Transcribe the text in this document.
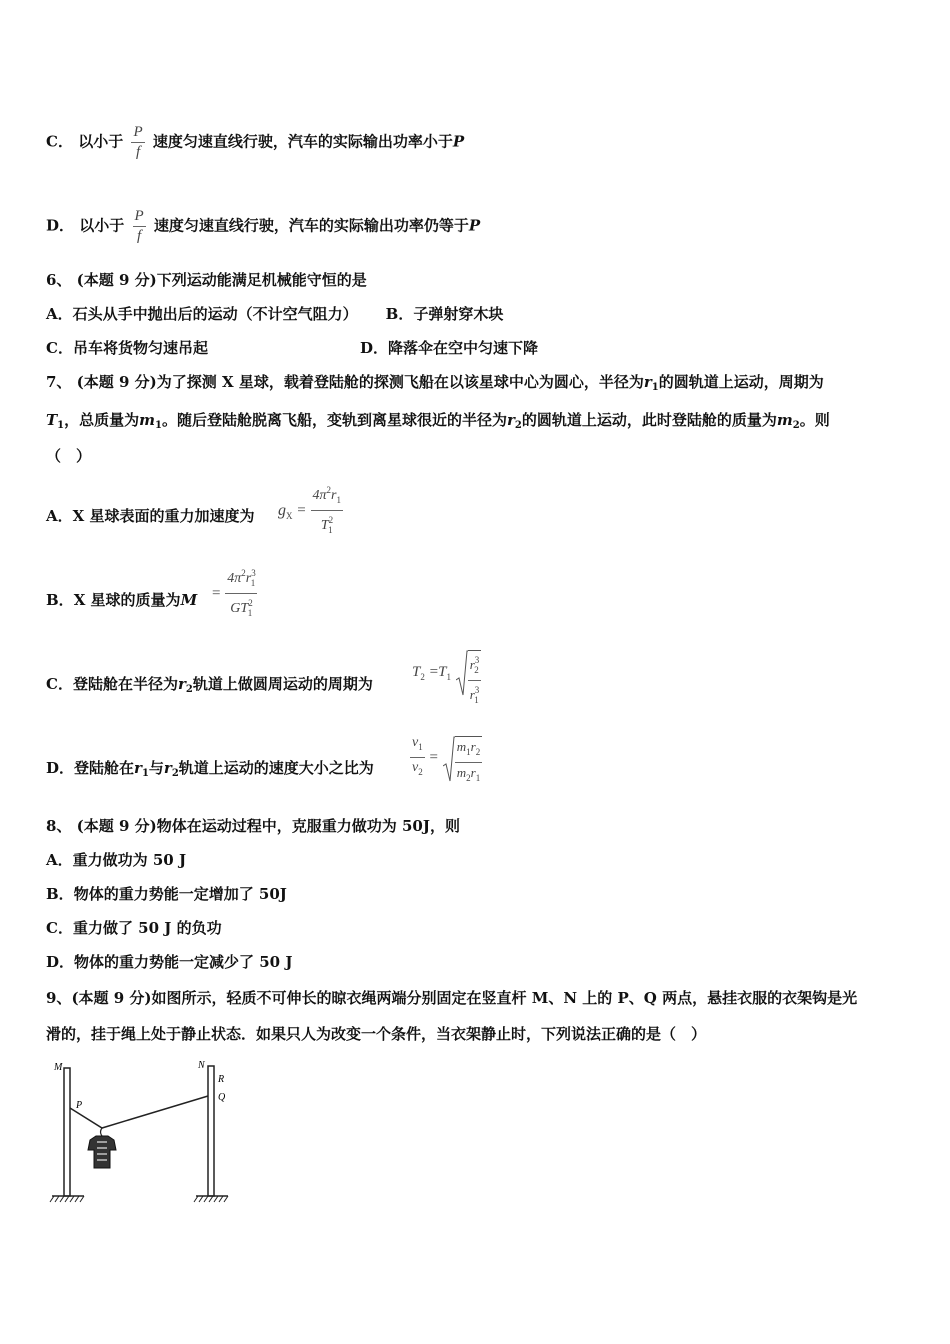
C． 以小于 $\frac{P}{f}$ 速度匀速直线行驶，汽车的实际输出功率小于P
D． 以小于 $\frac{P}{f}$ 速度匀速直线行驶，汽车的实际输出功率仍等于P
6、 (本题 9 分)下列运动能满足机械能守恒的是
A．石头从手中抛出后的运动（不计空气阻力） B．子弹射穿木块
C．吊车将货物匀速吊起	D．降落伞在空中匀速下降
7、 (本题 9 分)为了探测 X 星球，载着登陆舱的探测飞船在以该星球中心为圆心，半径为$r_1$的圆轨道上运动，周期为
$T_1$，总质量为$m_1$。随后登陆舱脱离飞船，变轨到离星球很近的半径为$r_2$的圆轨道上运动，此时登陆舱的质量为$m_2$。则
（　）
A．X 星球表面的重力加速度为 $g_X = \frac{4\pi^2r_1}{T^2_1}$
B．X 星球的质量为$M = \frac{4\pi^2r^3_1}{GT^2_1}$
C．登陆舱在半径为$r_2$轨道上做圆周运动的周期为
$T_2 =T_1 \frac{r^3_2}{r^3_1}$
D．登陆舱在$r_1$与$r_2$轨道上运动的速度大小之比为	$\frac{v_1}{v_2} = \frac{m_1r_2}{m_2r_1}$
8、 (本题 9 分)物体在运动过程中，克服重力做功为 50J，则
A．重力做功为 50 J
B．物体的重力势能一定增加了 50J
C．重力做了 50 J 的负功
D．物体的重力势能一定减少了 50 J
9、(本题 9 分)如图所示，轻质不可伸长的晾衣绳两端分别固定在竖直杆 M、N 上的 P、Q 两点，悬挂衣服的衣架钩是光
滑的，挂于绳上处于静止状态．如果只人为改变一个条件，当衣架静止时，下列说法正确的是（　）
M
P
N
R
Q
